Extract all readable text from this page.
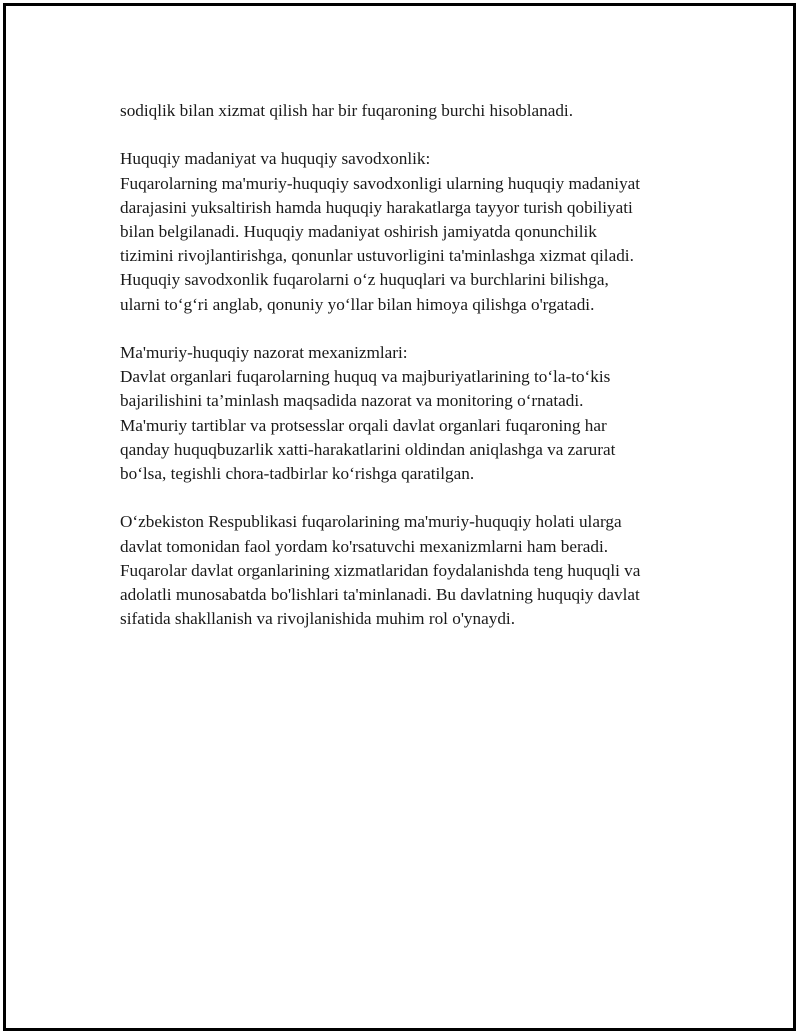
sodiqlik bilan xizmat qilish har bir fuqaroning burchi hisoblanadi.

Huquqiy madaniyat va huquqiy savodxonlik:
Fuqarolarning ma'muriy-huquqiy savodxonligi ularning huquqiy madaniyat
darajasini yuksaltirish hamda huquqiy harakatlarga tayyor turish qobiliyati
bilan belgilanadi. Huquqiy madaniyat oshirish jamiyatda qonunchilik
tizimini rivojlantirishga, qonunlar ustuvorligini ta'minlashga xizmat qiladi.
Huquqiy savodxonlik fuqarolarni o‘z huquqlari va burchlarini bilishga,
ularni to‘g‘ri anglab, qonuniy yo‘llar bilan himoya qilishga o'rgatadi.

Ma'muriy-huquqiy nazorat mexanizmlari:
Davlat organlari fuqarolarning huquq va majburiyatlarining to‘la-to‘kis
bajarilishini ta’minlash maqsadida nazorat va monitoring o‘rnatadi.
Ma'muriy tartiblar va protsesslar orqali davlat organlari fuqaroning har
qanday huquqbuzarlik xatti-harakatlarini oldindan aniqlashga va zarurat
bo‘lsa, tegishli chora-tadbirlar ko‘rishga qaratilgan.

O‘zbekiston Respublikasi fuqarolarining ma'muriy-huquqiy holati ularga
davlat tomonidan faol yordam ko'rsatuvchi mexanizmlarni ham beradi.
Fuqarolar davlat organlarining xizmatlaridan foydalanishda teng huquqli va
adolatli munosabatda bo'lishlari ta'minlanadi. Bu davlatning huquqiy davlat
sifatida shakllanish va rivojlanishida muhim rol o'ynaydi.
